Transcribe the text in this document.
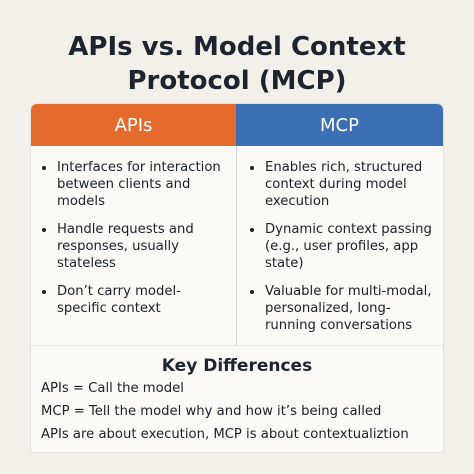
APIs vs. Model Context
Protocol (MCP)
APIs	MCP
Interfaces for interaction between clients and models
Handle requests and responses, usually stateless
Don’t carry model-specific context
Enables rich, structured context during model execution
Dynamic context passing (e.g., user profiles, app state)
Valuable for multi-modal, personalized, long-running conversations
Key Differences
APIs = Call the model
MCP = Tell the model why and how it’s being called
APIs are about execution, MCP is about contextualiztion
